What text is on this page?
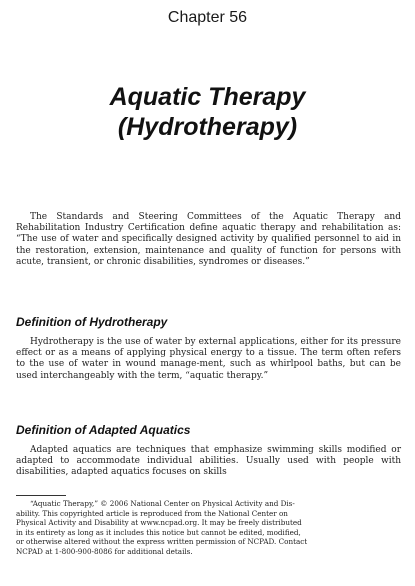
Chapter 56
Aquatic Therapy
(Hydrotherapy)

The Standards and Steering Committees of the Aquatic Therapy and Rehabilitation Industry Certification define aquatic therapy and rehabilitation as: “The use of water and specifically designed activity by qualified personnel to aid in the restoration, extension, maintenance and quality of function for persons with acute, transient, or chronic disabilities, syndromes or diseases.”

Definition of Hydrotherapy

Hydrotherapy is the use of water by external applications, either for its pressure effect or as a means of applying physical energy to a tissue. The term often refers to the use of water in wound manage-ment, such as whirlpool baths, but can be used interchangeably with the term, “aquatic therapy.”

Definition of Adapted Aquatics

Adapted aquatics are techniques that emphasize swimming skills modified or adapted to accommodate individual abilities. Usually used with people with disabilities, adapted aquatics focuses on skills

“Aquatic Therapy,” © 2006 National Center on Physical Activity and Dis-
ability. This copyrighted article is reproduced from the National Center on
Physical Activity and Disability at www.ncpad.org. It may be freely distributed
in its entirety as long as it includes this notice but cannot be edited, modified,
or otherwise altered without the express written permission of NCPAD. Contact
NCPAD at 1-800-900-8086 for additional details.
